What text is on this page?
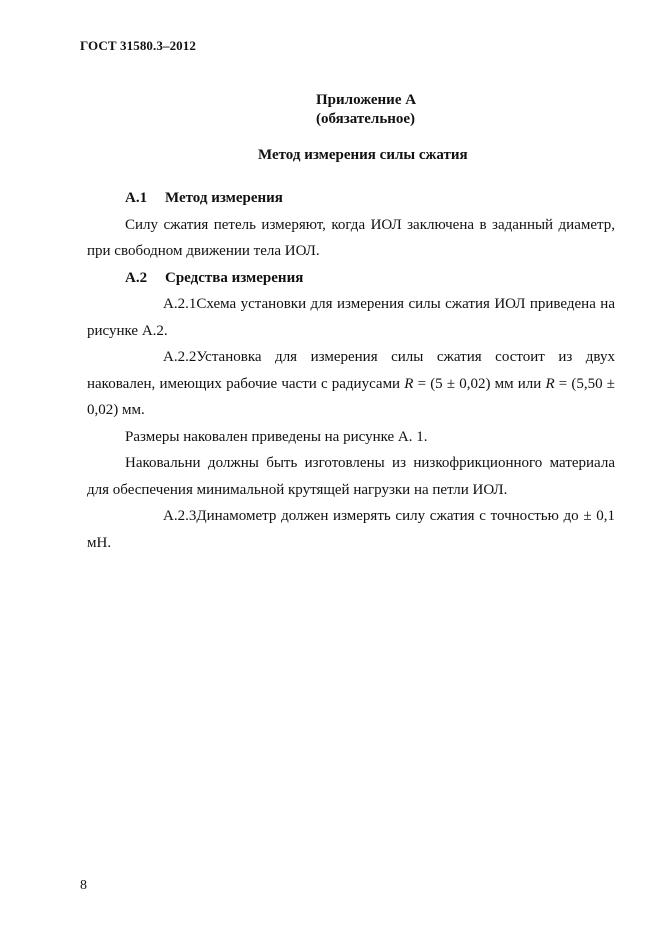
ГОСТ 31580.3–2012
Приложение А
(обязательное)
Метод измерения силы сжатия

А.1 Метод измерения

Силу сжатия петель измеряют, когда ИОЛ заключена в заданный диаметр, при свободном движении тела ИОЛ.

А.2 Средства измерения

А.2.1Схема установки для измерения силы сжатия ИОЛ приведена на рисунке А.2.

А.2.2Установка для измерения силы сжатия состоит из двух наковален, имеющих рабочие части с радиусами R = (5 ± 0,02) мм или R = (5,50 ± 0,02) мм.

Размеры наковален приведены на рисунке А. 1.

Наковальни должны быть изготовлены из низкофрикционного материала для обеспечения минимальной крутящей нагрузки на петли ИОЛ.

А.2.3Динамометр должен измерять силу сжатия с точностью до ± 0,1 мН.

8
